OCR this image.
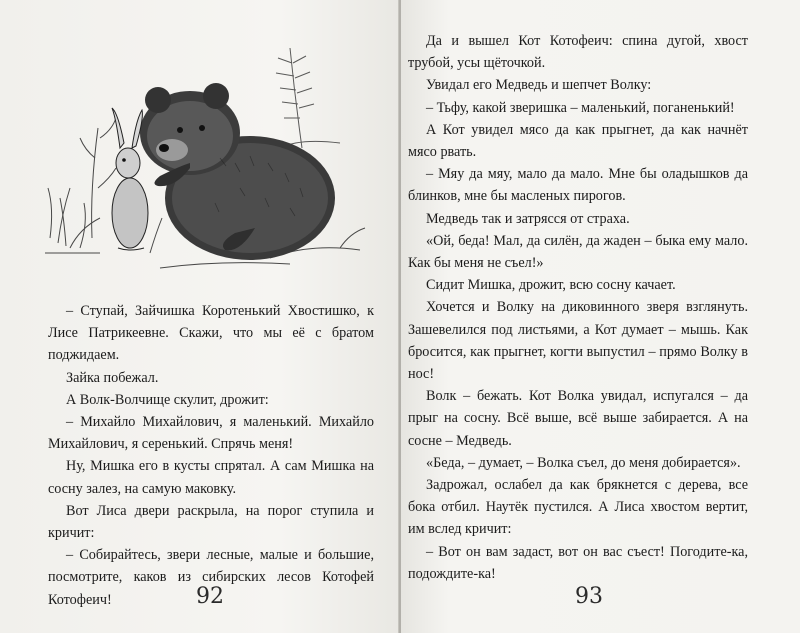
– Ступай, Зайчишка Коротенький Хвостишко, к Лисе Патрикеевне. Скажи, что мы её с братом поджидаем.

Зайка побежал.

А Волк-Волчище скулит, дрожит:

– Михайло Михайлович, я маленький. Михайло Михайлович, я серенький. Спрячь меня!

Ну, Мишка его в кусты спрятал. А сам Мишка на сосну залез, на самую маковку.

Вот Лиса двери раскрыла, на порог ступила и кричит:

– Собирайтесь, звери лесные, малые и большие, посмотрите, каков из сибирских лесов Котофей Котофеич!	92

Да и вышел Кот Котофеич: спина дугой, хвост трубой, усы щёточкой.

Увидал его Медведь и шепчет Волку:

– Тьфу, какой зверишка – маленький, поганенький!

А Кот увидел мясо да как прыгнет, да как начнёт мясо рвать.

– Мяу да мяу, мало да мало. Мне бы оладышков да блинков, мне бы масленых пирогов.

Медведь так и затрясся от страха.

«Ой, беда! Мал, да силён, да жаден – быка ему мало. Как бы меня не съел!»

Сидит Мишка, дрожит, всю сосну качает.

Хочется и Волку на диковинного зверя взглянуть. Зашевелился под листьями, а Кот думает – мышь. Как бросится, как прыгнет, когти выпустил – прямо Волку в нос!

Волк – бежать. Кот Волка увидал, испугался – да прыг на сосну. Всё выше, всё выше забирается. А на сосне – Медведь.

«Беда, – думает, – Волка съел, до меня добирается».

Задрожал, ослабел да как брякнется с дерева, все бока отбил. Наутёк пустился. А Лиса хвостом вертит, им вслед кричит:

– Вот он вам задаст, вот он вас съест! Погодите-ка, подождите-ка!

93
